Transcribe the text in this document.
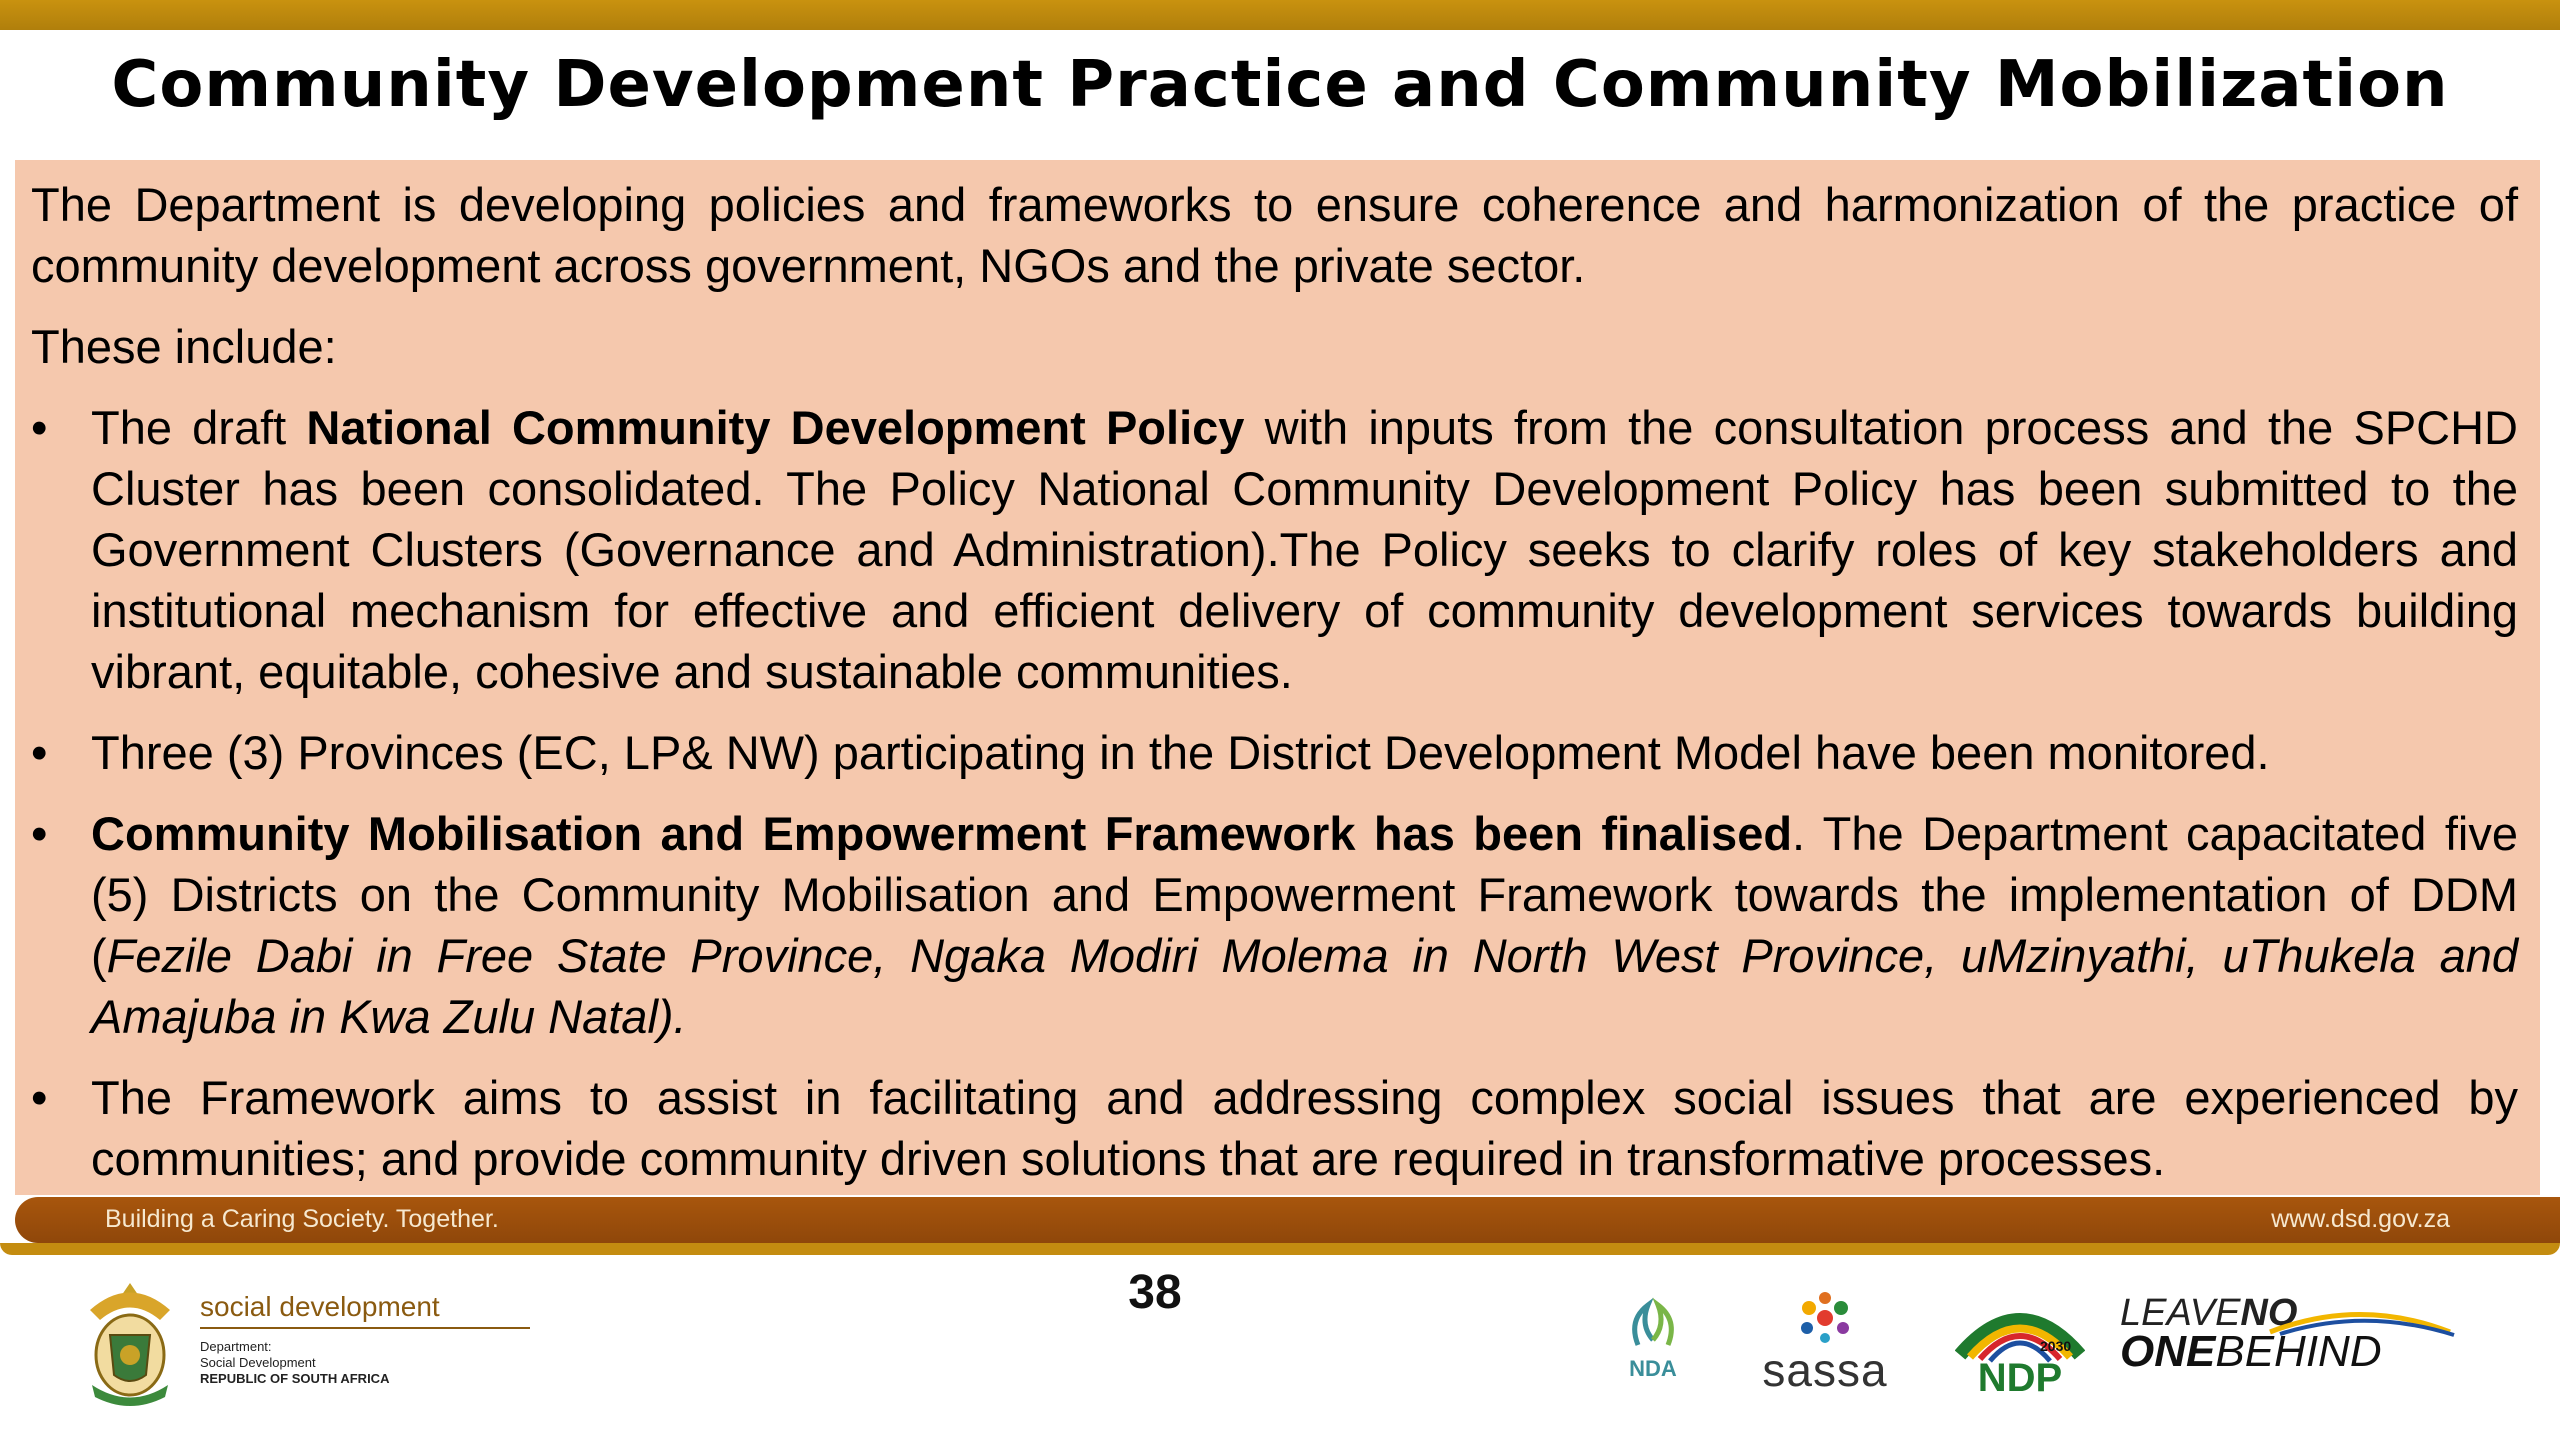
Community Development Practice and Community Mobilization

The Department is developing policies and frameworks to ensure coherence and harmonization of the practice of community development across government, NGOs and the private sector.

These include:

• The draft National Community Development Policy with inputs from the consultation process and the SPCHD Cluster has been consolidated. The Policy National Community Development Policy has been submitted to the Government Clusters (Governance and Administration).The Policy seeks to clarify roles of key stakeholders and institutional mechanism for effective and efficient delivery of community development services towards building vibrant, equitable, cohesive and sustainable communities.
• Three (3) Provinces (EC, LP& NW) participating in the District Development Model have been monitored.
• Community Mobilisation and Empowerment Framework has been finalised. The Department capacitated five (5) Districts on the Community Mobilisation and Empowerment Framework towards the implementation of DDM (Fezile Dabi in Free State Province, Ngaka Modiri Molema in North West Province, uMzinyathi, uThukela and Amajuba in Kwa Zulu Natal).
• The Framework aims to assist in facilitating and addressing complex social issues that are experienced by communities; and provide community driven solutions that are required in transformative processes.
Building a Caring Society. Together.	www.dsd.gov.za
38
social development
Department:
Social Development
REPUBLIC OF SOUTH AFRICA	NDA sassa	2030
NDP
LEAVENO
ONEBEHIND
